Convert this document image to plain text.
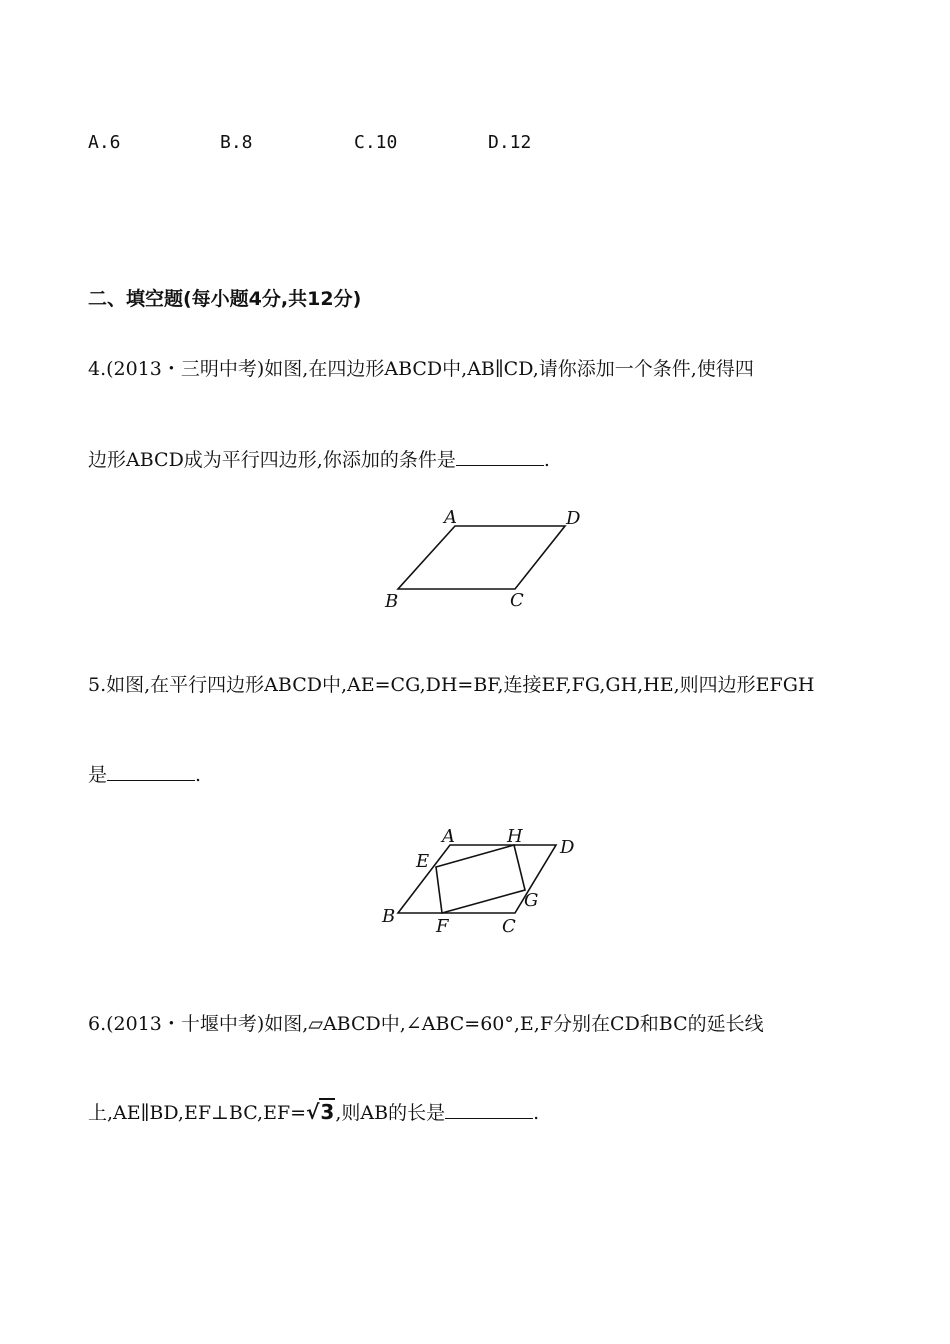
A.6	B.8	C.10	D.12
二、填空题(每小题4分,共12分)
4.(2013・三明中考)如图,在四边形ABCD中,AB∥CD,请你添加一个条件,使得四
边形ABCD成为平行四边形,你添加的条件是	.
A	D
B	C
5.如图,在平行四边形ABCD中,AE=CG,DH=BF,连接EF,FG,GH,HE,则四边形EFGH
是	.
A	H
D
E
G
B F	C
6.(2013・十堰中考)如图,▱ABCD中,∠ABC=60°,E,F分别在CD和BC的延长线
上,AE∥BD,EF⊥BC,EF=√3,则AB的长是	.
